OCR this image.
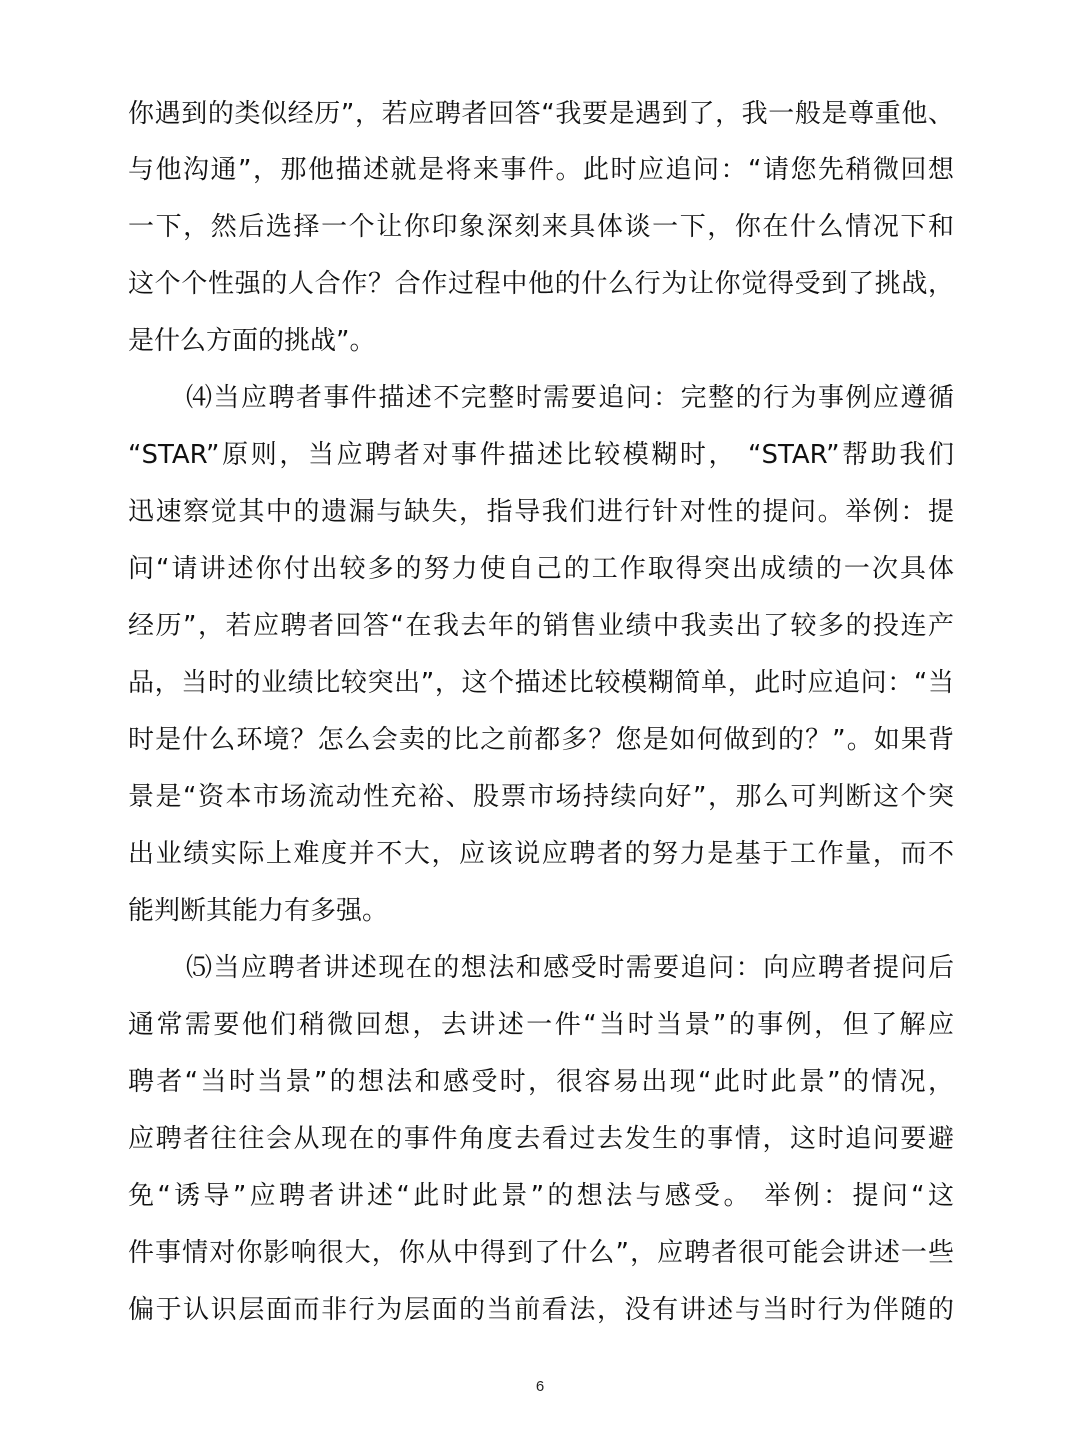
你遇到的类似经历”，若应聘者回答“我要是遇到了，我一般是尊重他、
与他沟通”，那他描述就是将来事件。此时应追问：“请您先稍微回想
一下，然后选择一个让你印象深刻来具体谈一下，你在什么情况下和
这个个性强的人合作？合作过程中他的什么行为让你觉得受到了挑战，
是什么方面的挑战”。
⑷当应聘者事件描述不完整时需要追问：完整的行为事例应遵循
“STAR”原则，当应聘者对事件描述比较模糊时， “STAR”帮助我们
迅速察觉其中的遗漏与缺失，指导我们进行针对性的提问。举例：提
问“请讲述你付出较多的努力使自己的工作取得突出成绩的一次具体
经历”，若应聘者回答“在我去年的销售业绩中我卖出了较多的投连产
品，当时的业绩比较突出”，这个描述比较模糊简单，此时应追问：“当
时是什么环境？怎么会卖的比之前都多？您是如何做到的？”。如果背
景是“资本市场流动性充裕、股票市场持续向好”，那么可判断这个突
出业绩实际上难度并不大，应该说应聘者的努力是基于工作量，而不
能判断其能力有多强。
⑸当应聘者讲述现在的想法和感受时需要追问：向应聘者提问后
通常需要他们稍微回想，去讲述一件“当时当景”的事例，但了解应
聘者“当时当景”的想法和感受时，很容易出现“此时此景”的情况，
应聘者往往会从现在的事件角度去看过去发生的事情，这时追问要避
免“诱导”应聘者讲述“此时此景”的想法与感受。 举例：提问“这
件事情对你影响很大，你从中得到了什么”，应聘者很可能会讲述一些
偏于认识层面而非行为层面的当前看法，没有讲述与当时行为伴随的
6
